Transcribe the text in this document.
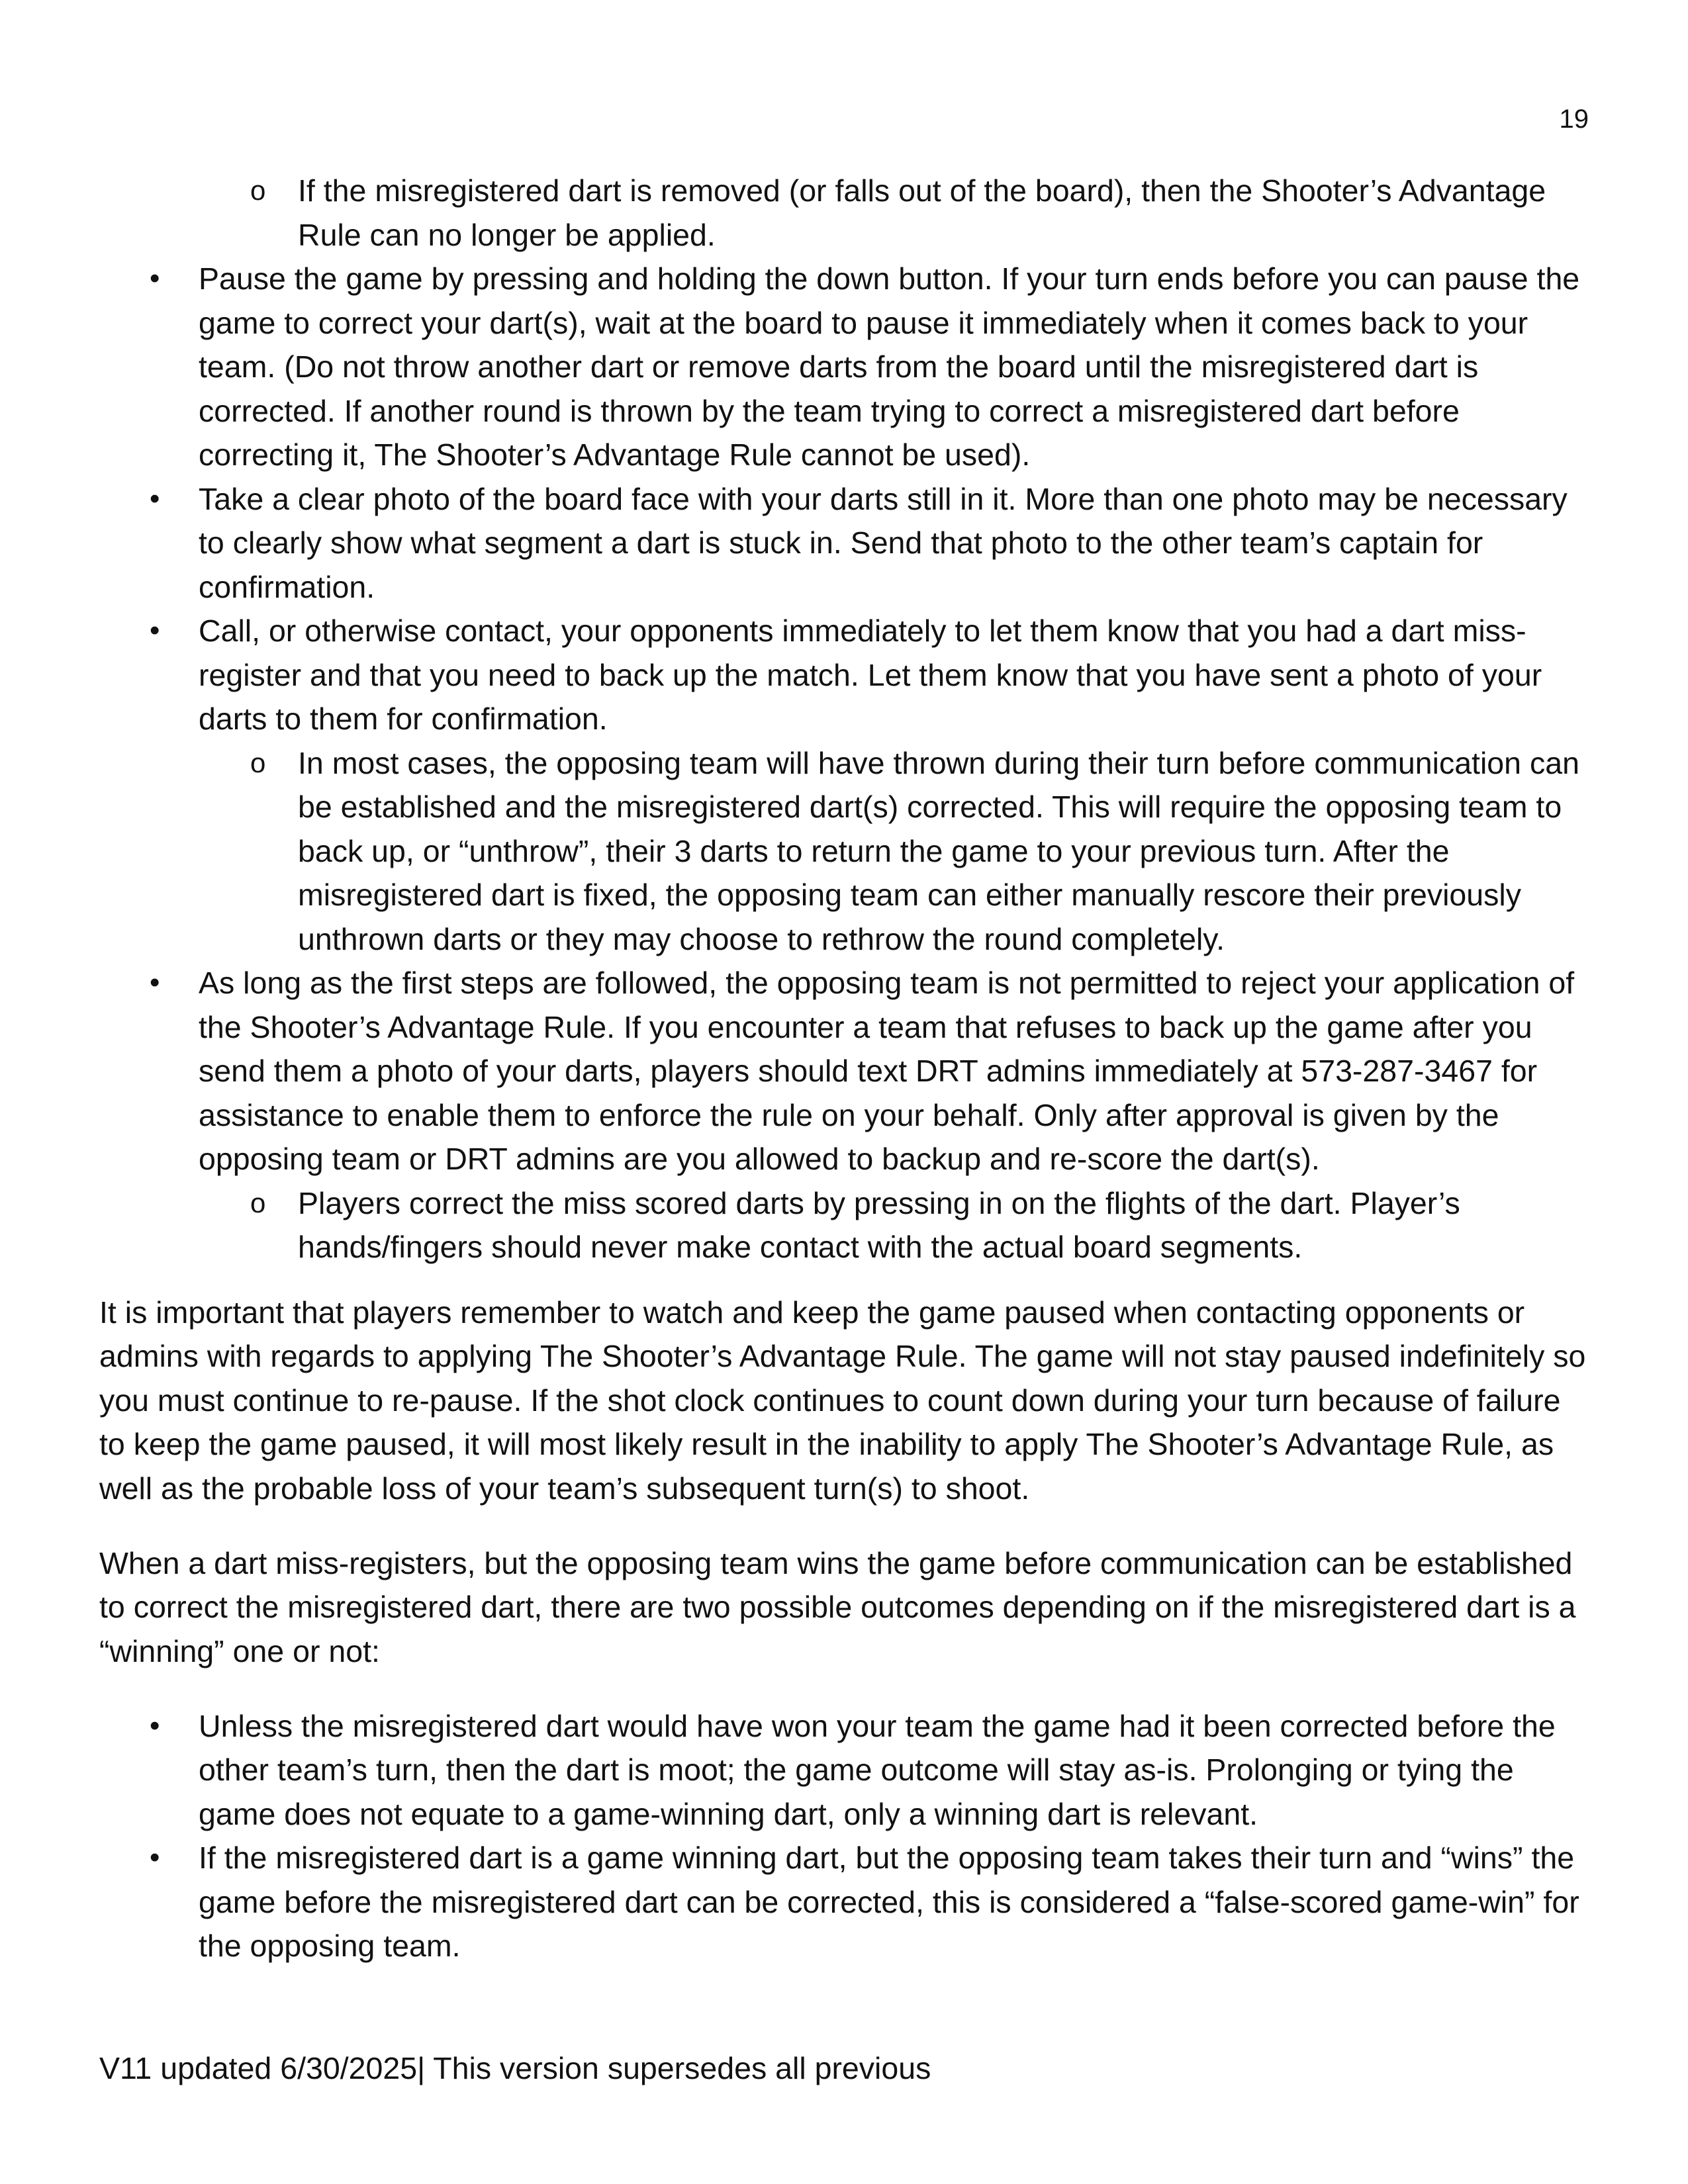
19
o If the misregistered dart is removed (or falls out of the board), then the Shooter’s Advantage Rule can no longer be applied.
• Pause the game by pressing and holding the down button. If your turn ends before you can pause the game to correct your dart(s), wait at the board to pause it immediately when it comes back to your team. (Do not throw another dart or remove darts from the board until the misregistered dart is corrected. If another round is thrown by the team trying to correct a misregistered dart before correcting it, The Shooter’s Advantage Rule cannot be used).
• Take a clear photo of the board face with your darts still in it. More than one photo may be necessary to clearly show what segment a dart is stuck in. Send that photo to the other team’s captain for confirmation.
• Call, or otherwise contact, your opponents immediately to let them know that you had a dart miss-register and that you need to back up the match. Let them know that you have sent a photo of your darts to them for confirmation.
o In most cases, the opposing team will have thrown during their turn before communication can be established and the misregistered dart(s) corrected. This will require the opposing team to back up, or “unthrow”, their 3 darts to return the game to your previous turn. After the misregistered dart is fixed, the opposing team can either manually rescore their previously unthrown darts or they may choose to rethrow the round completely.
• As long as the first steps are followed, the opposing team is not permitted to reject your application of the Shooter’s Advantage Rule. If you encounter a team that refuses to back up the game after you send them a photo of your darts, players should text DRT admins immediately at 573-287-3467 for assistance to enable them to enforce the rule on your behalf. Only after approval is given by the opposing team or DRT admins are you allowed to backup and re-score the dart(s).
o Players correct the miss scored darts by pressing in on the flights of the dart. Player’s hands/fingers should never make contact with the actual board segments.

It is important that players remember to watch and keep the game paused when contacting opponents or admins with regards to applying The Shooter’s Advantage Rule. The game will not stay paused indefinitely so you must continue to re-pause. If the shot clock continues to count down during your turn because of failure to keep the game paused, it will most likely result in the inability to apply The Shooter’s Advantage Rule, as well as the probable loss of your team’s subsequent turn(s) to shoot.

When a dart miss-registers, but the opposing team wins the game before communication can be established to correct the misregistered dart, there are two possible outcomes depending on if the misregistered dart is a “winning” one or not:

• Unless the misregistered dart would have won your team the game had it been corrected before the other team’s turn, then the dart is moot; the game outcome will stay as-is. Prolonging or tying the game does not equate to a game-winning dart, only a winning dart is relevant.
• If the misregistered dart is a game winning dart, but the opposing team takes their turn and “wins” the game before the misregistered dart can be corrected, this is considered a “false-scored game-win” for the opposing team.
V11 updated 6/30/2025| This version supersedes all previous
